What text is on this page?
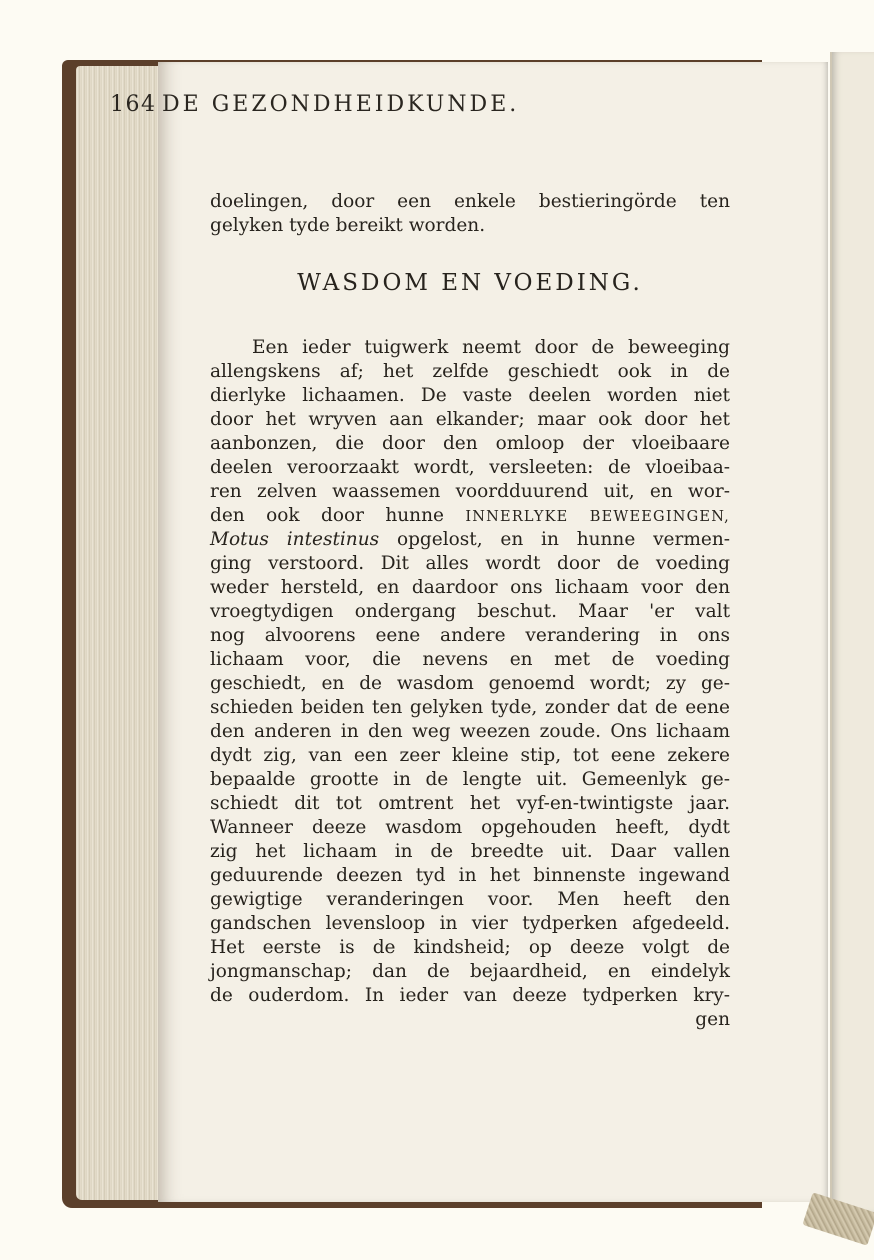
164 DE GEZONDHEIDKUNDE.
doelingen, door een enkele bestieringörde ten
gelyken tyde bereikt worden.
WASDOM EN VOEDING.
Een ieder tuigwerk neemt door de beweeging
allengskens af; het zelfde geschiedt ook in de
dierlyke lichaamen. De vaste deelen worden niet
door het wryven aan elkander; maar ook door het
aanbonzen, die door den omloop der vloeibaare
deelen veroorzaakt wordt, versleeten: de vloeibaa-
ren zelven waassemen voordduurend uit, en wor-
den ook door hunne INNERLYKE BEWEEGINGEN,
Motus intestinus opgelost, en in hunne vermen-
ging verstoord. Dit alles wordt door de voeding
weder hersteld, en daardoor ons lichaam voor den
vroegtydigen ondergang beschut. Maar 'er valt
nog alvoorens eene andere verandering in ons
lichaam voor, die nevens en met de voeding
geschiedt, en de wasdom genoemd wordt; zy ge-
schieden beiden ten gelyken tyde, zonder dat de eene
den anderen in den weg weezen zoude. Ons lichaam
dydt zig, van een zeer kleine stip, tot eene zekere
bepaalde grootte in de lengte uit. Gemeenlyk ge-
schiedt dit tot omtrent het vyf-en-twintigste jaar.
Wanneer deeze wasdom opgehouden heeft, dydt
zig het lichaam in de breedte uit. Daar vallen
geduurende deezen tyd in het binnenste ingewand
gewigtige veranderingen voor. Men heeft den
gandschen levensloop in vier tydperken afgedeeld.
Het eerste is de kindsheid; op deeze volgt de
jongmanschap; dan de bejaardheid, en eindelyk
de ouderdom. In ieder van deeze tydperken kry-
gen
